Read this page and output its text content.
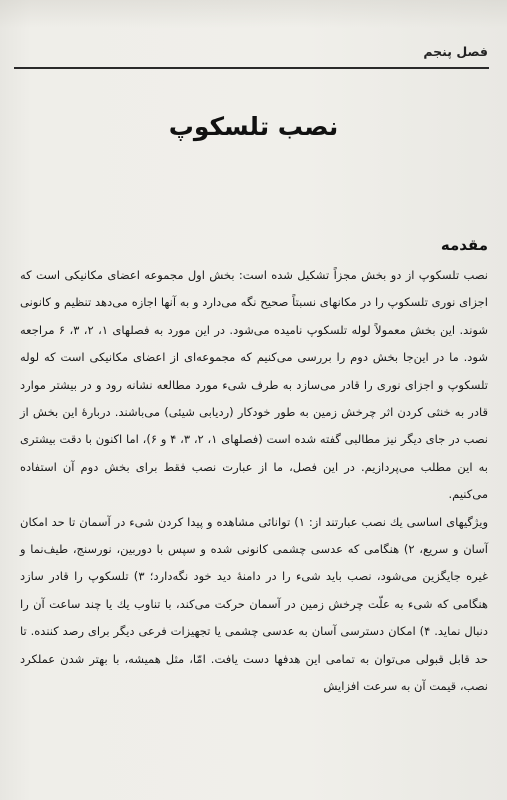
فصل پنجم
نصب تلسکوپ
مقدمه

نصب تلسکوپ از دو بخش مجزاً تشکیل شده است: بخش اول مجموعه اعضای مکانیکی است که اجزای نوری تلسکوپ را در مکانهای نسبتاً صحیح نگه می‌دارد و به آنها اجازه می‌دهد تنظیم و کانونی شوند. این بخش معمولاً لوله تلسکوپ نامیده می‌شود. در این مورد به فصلهای ۱، ۲، ۳، ۶ مراجعه شود. ما در این‌جا بخش دوم را بررسی می‌کنیم که مجموعه‌ای از اعضای مکانیکی است که لوله تلسکوپ و اجزای نوری را قادر می‌سازد به طرف شیء مورد مطالعه نشانه رود و در بیشتر موارد قادر به خنثی کردن اثر چرخش زمین به طور خودکار (ردیابی شیئی) می‌باشند. درباره‌ٔ این بخش از نصب در جای دیگر نیز مطالبی گفته شده است (فصلهای ۱، ۲، ۳، ۴ و ۶)، اما اکنون با دقت بیشتری به این مطلب می‌پردازیم. در این فصل، ما از عبارت نصب فقط برای بخش دوم آن استفاده می‌کنیم.

ویژگیهای اساسی یك نصب عبارتند از: ۱) توانائی مشاهده و پیدا کردن شیء در آسمان تا حد امکان آسان و سریع، ۲) هنگامی که عدسی چشمی کانونی شده و سپس با دوربین، نورسنج، طیف‌نما و غیره جایگزین می‌شود، نصب باید شیء را در دامنهٔ دید خود نگه‌دارد؛ ۳) تلسکوپ را قادر سازد هنگامی که شیء به علّت چرخش زمین در آسمان حرکت می‌کند، با تناوب یك یا چند ساعت آن را دنبال نماید. ۴) امکان دسترسی آسان به عدسی چشمی یا تجهیزات فرعی دیگر برای رصد کننده. تا حد قابل قبولی می‌توان به تمامی این هدفها دست یافت. امّا، مثل همیشه، با بهتر شدن عملکرد نصب، قیمت آن به سرعت افزایش
